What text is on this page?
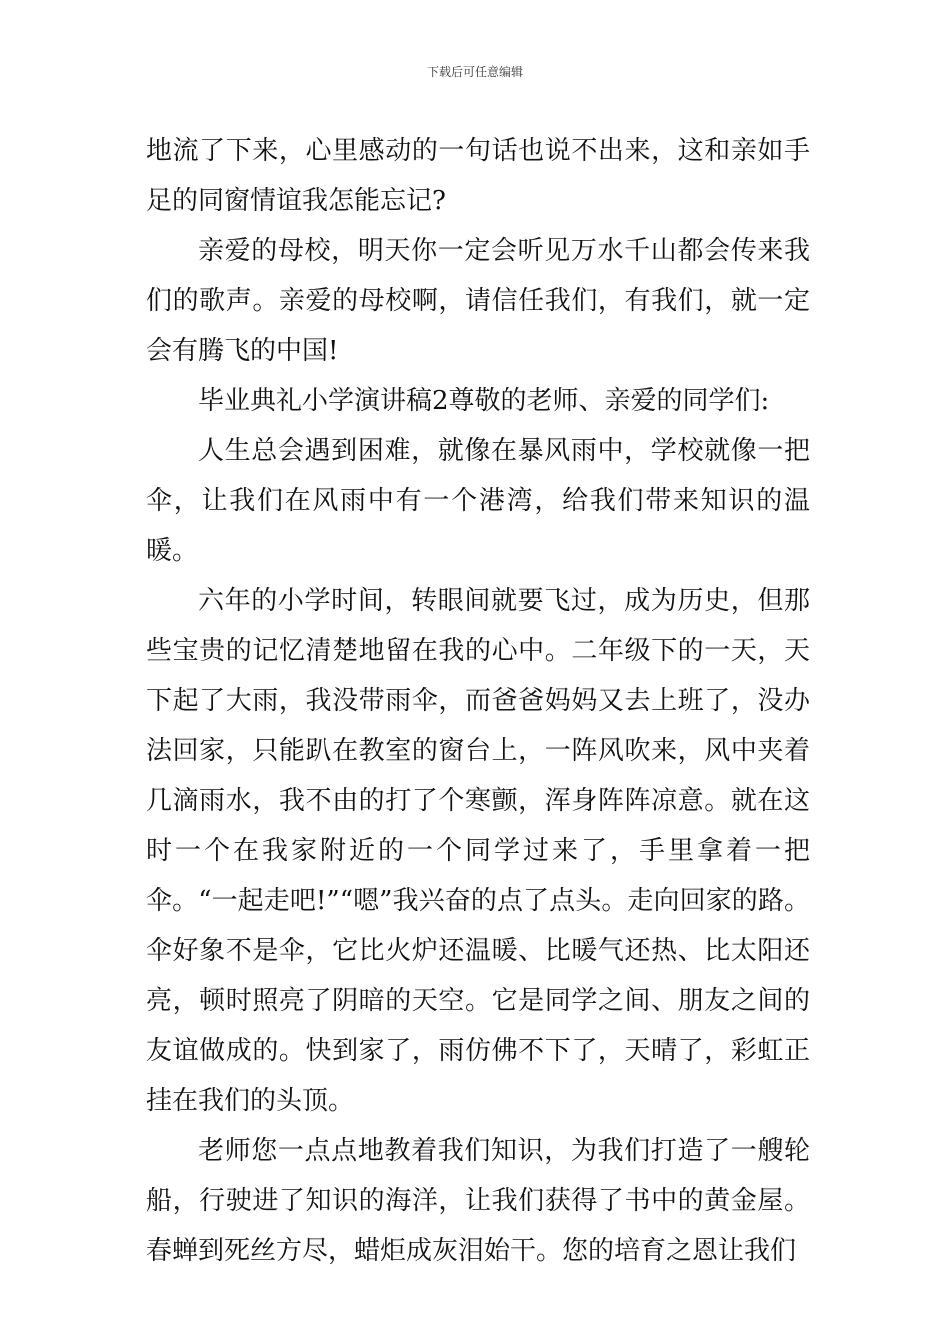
下载后可任意编辑

地流了下来，心里感动的一句话也说不出来，这和亲如手足的同窗情谊我怎能忘记?

亲爱的母校，明天你一定会听见万水千山都会传来我们的歌声。亲爱的母校啊，请信任我们，有我们，就一定会有腾飞的中国!

毕业典礼小学演讲稿2尊敬的老师、亲爱的同学们:

人生总会遇到困难，就像在暴风雨中，学校就像一把伞，让我们在风雨中有一个港湾，给我们带来知识的温暖。

六年的小学时间，转眼间就要飞过，成为历史，但那些宝贵的记忆清楚地留在我的心中。二年级下的一天，天下起了大雨，我没带雨伞，而爸爸妈妈又去上班了，没办法回家，只能趴在教室的窗台上，一阵风吹来，风中夹着几滴雨水，我不由的打了个寒颤，浑身阵阵凉意。就在这时一个在我家附近的一个同学过来了，手里拿着一把伞。“一起走吧!”“嗯”我兴奋的点了点头。走向回家的路。伞好象不是伞，它比火炉还温暖、比暖气还热、比太阳还亮，顿时照亮了阴暗的天空。它是同学之间、朋友之间的友谊做成的。快到家了，雨仿佛不下了，天晴了，彩虹正挂在我们的头顶。

老师您一点点地教着我们知识，为我们打造了一艘轮船，行驶进了知识的海洋，让我们获得了书中的黄金屋。春蝉到死丝方尽，蜡炬成灰泪始干。您的培育之恩让我们
